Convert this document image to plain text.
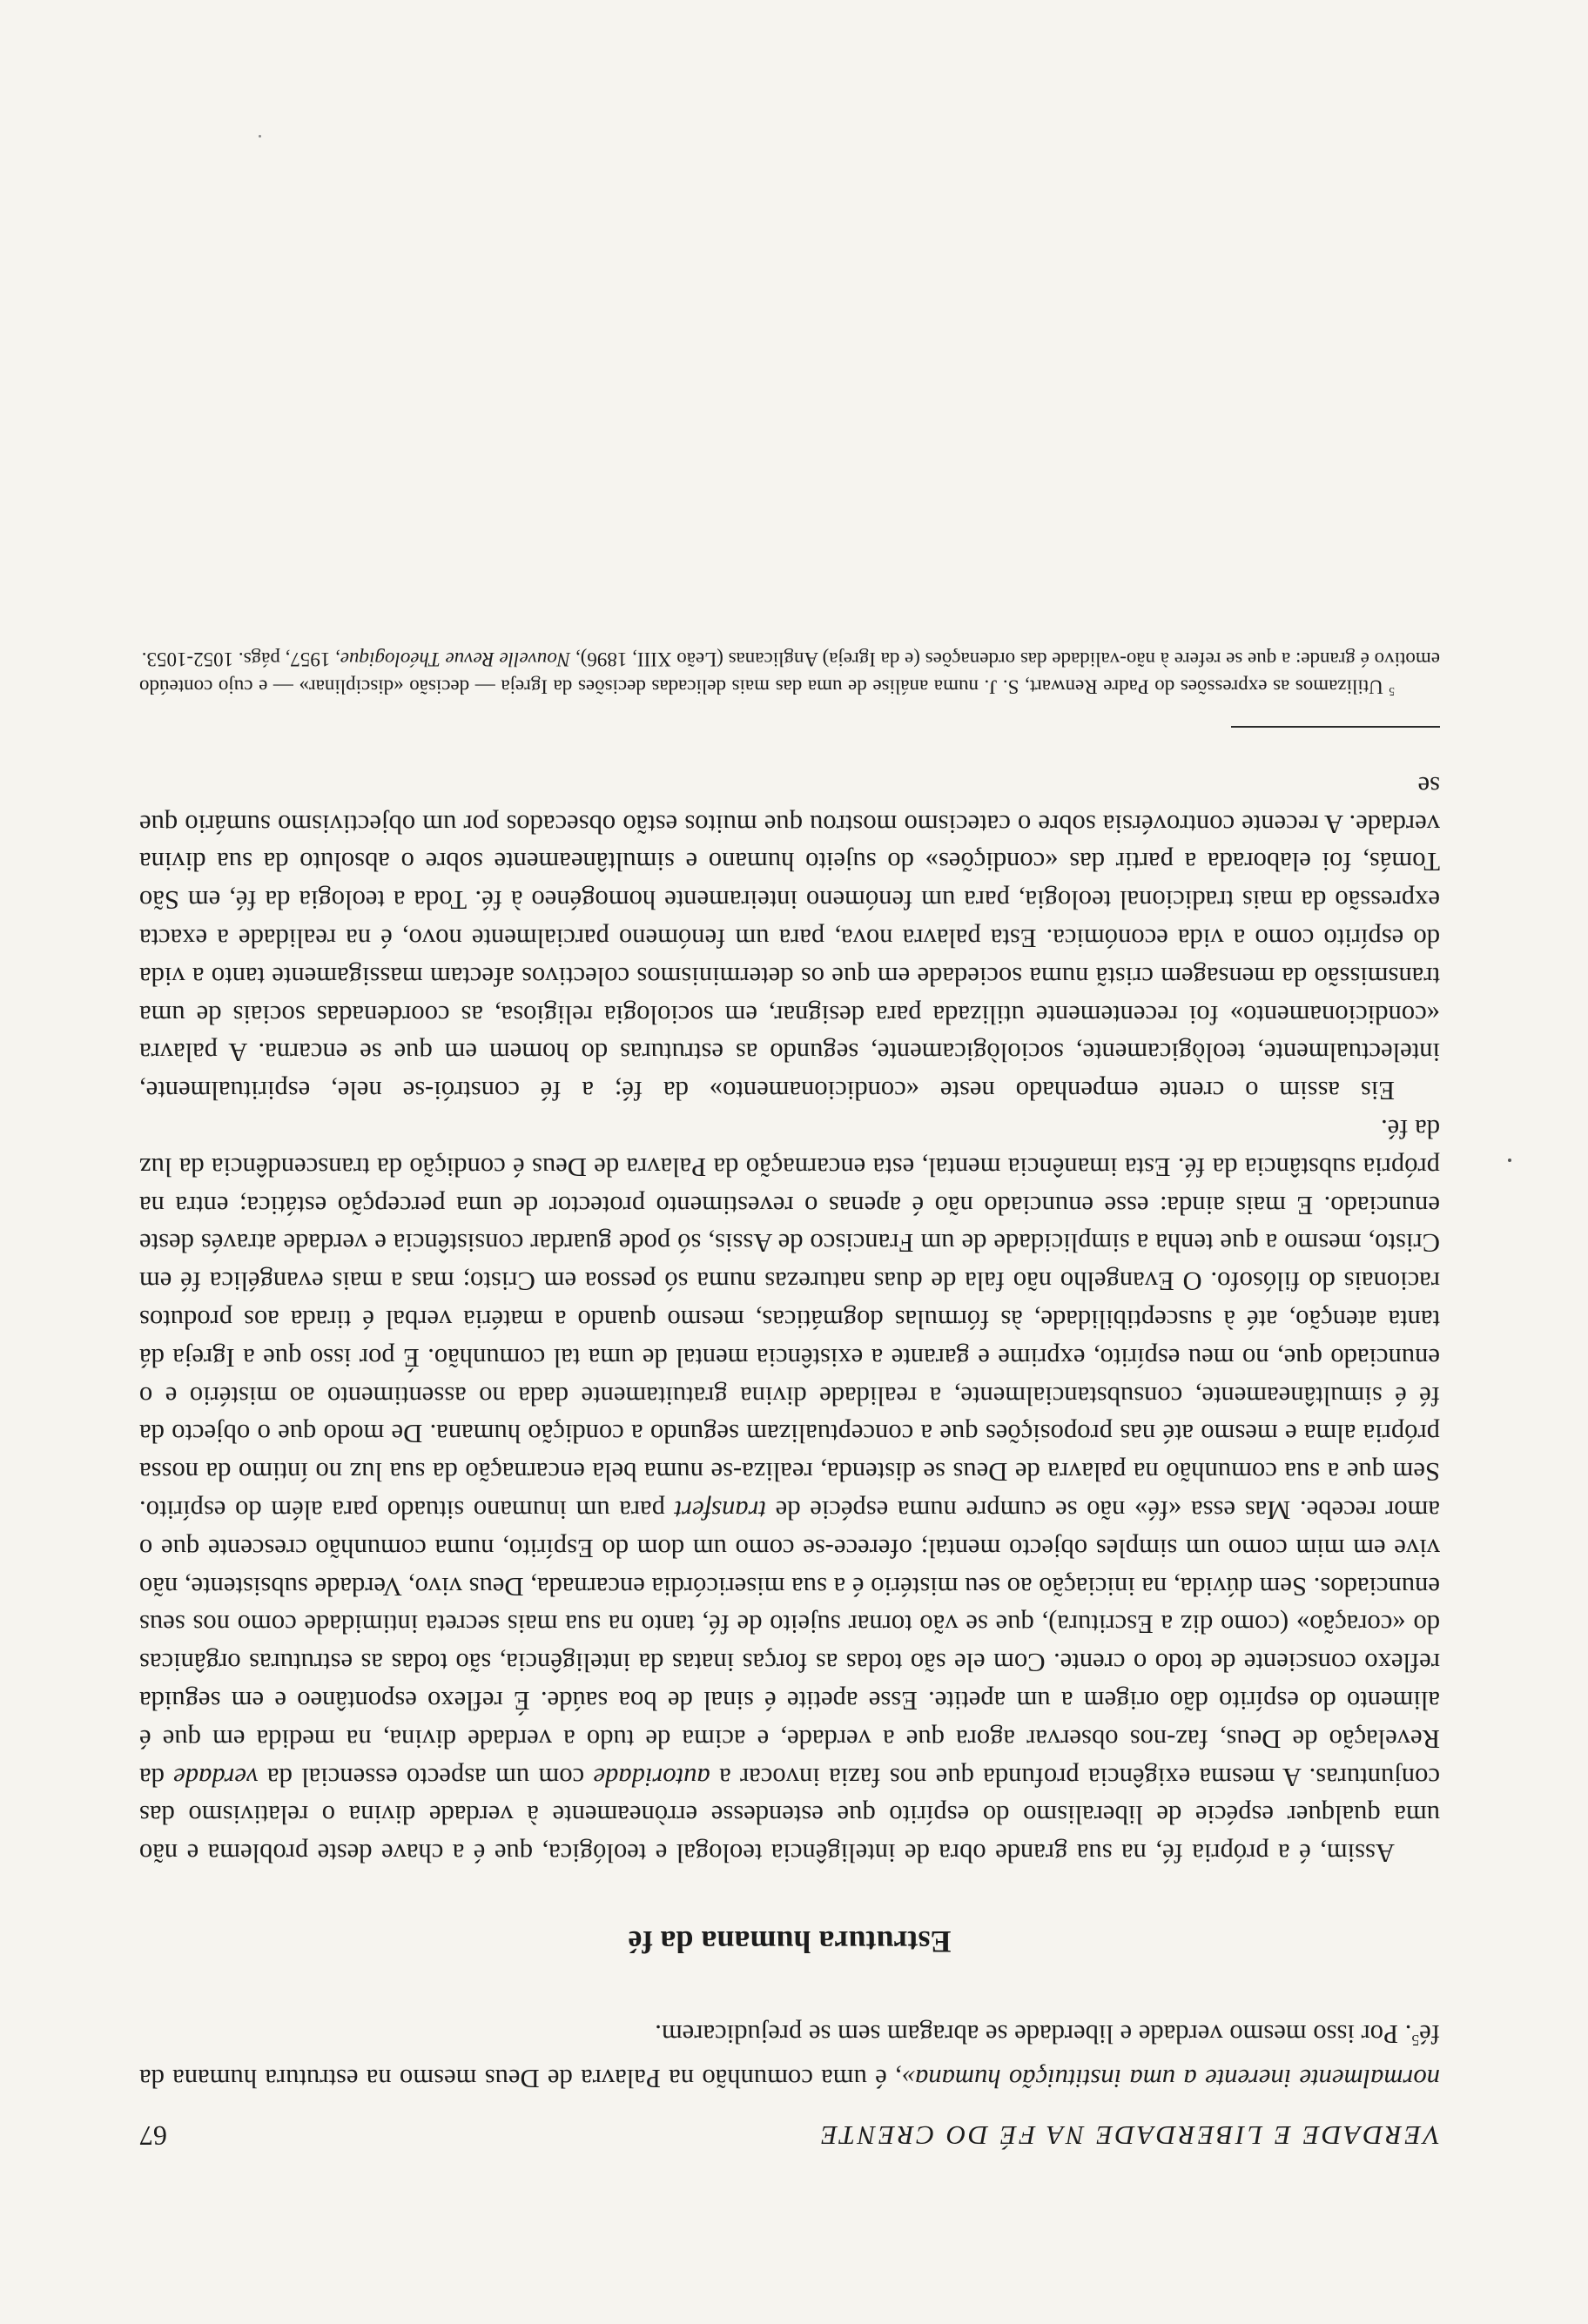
VERDADE E LIBERDADE NA FÉ DO CRENTE
67

normalmente inerente a uma instituição humana», é uma comunhão na Palavra de Deus mesmo na estrutura humana da $fé^5$. Por isso mesmo verdade e liberdade se abragam sem se prejudicarem.

Estrutura humana da fé

Assim, é a própria fé, na sua grande obra de inteligência teologal e teológica, que é a chave deste problema e não uma qualquer espécie de liberalismo do espírito que estendesse erròneamente à verdade divina o relativismo das conjunturas. A mesma exigência profunda que nos fazia invocar a autoridade com um aspecto essencial da verdade da Revelação de Deus, faz-nos observar agora que a verdade, e acima de tudo a verdade divina, na medida em que é alimento do espírito dão origem a um apetite. Esse apetite é sinal de boa saúde. É reflexo espontâneo e em seguida reflexo consciente de todo o crente. Com ele são todas as forças inatas da inteligência, são todas as estruturas orgânicas do «coração» (como diz a Escritura), que se vão tornar sujeito de fé, tanto na sua mais secreta intimidade como nos seus enunciados. Sem dúvida, na iniciação ao seu mistério é a sua misericórdia encarnada, Deus vivo, Verdade subsistente, não vive em mim como um simples objecto mental; oferece-se como um dom do Espírito, numa comunhão crescente que o amor recebe. Mas essa «fé» não se cumpre numa espécie de transfert para um inumano situado para além do espírito. Sem que a sua comunhão na palavra de Deus se distenda, realiza-se numa bela encarnação da sua luz no íntimo da nossa própria alma e mesmo até nas proposições que a conceptualizam segundo a condição humana. De modo que o objecto da fé é simultâneamente, consubstancialmente, a realidade divina gratuitamente dada no assentimento ao mistério e o enunciado que, no meu espírito, exprime e garante a existência mental de uma tal comunhão. É por isso que a Igreja dá tanta atenção, até à susceptibilidade, às fórmulas dogmáticas, mesmo quando a matéria verbal é tirada aos produtos racionais do filósofo. O Evangelho não fala de duas naturezas numa só pessoa em Cristo; mas a mais evangélica fé em Cristo, mesmo a que tenha a simplicidade de um Francisco de Assis, só pode guardar consistência e verdade através deste enunciado. E mais ainda: esse enunciado não é apenas o revestimento protector de uma percepção estática; entra na própria substância da fé. Esta imanência mental, esta encarnação da Palavra de Deus é condição da transcendência da luz da fé.

Eis assim o crente empenhado neste «condicionamento» da fé; a fé constrói-se nele, espiritualmente, intelectualmente, teològicamente, sociològicamente, segundo as estruturas do homem em que se encarna. A palavra «condicionamento» foi recentemente utilizada para designar, em sociologia religiosa, as coordenadas sociais de uma transmissão da mensagem cristã numa sociedade em que os determinismos colectivos afectam massigamente tanto a vida do espírito como a vida económica. Esta palavra nova, para um fenómeno parcialmente novo, é na realidade a exacta expressão da mais tradicional teologia, para um fenómeno inteiramente homogéneo à fé. Toda a teologia da fé, em São Tomás, foi elaborada a partir das «condições» do sujeito humano e simultâneamente sobre o absoluto da sua divina verdade. A recente controvérsia sobre o catecismo mostrou que muitos estão obsecados por um objectivismo sumário que se

$^5$ Utilizamos as expressões do Padre Renwart, S. J. numa análise de uma das mais delicadas decisões da Igreja — decisão «disciplinar» — e cujo conteúdo emotivo é grande: a que se refere à não-validade das ordenações (e da Igreja) Anglicanas (Leão XIII, 1896), Nouvelle Revue Théologique, 1957, págs. 1052-1053.
